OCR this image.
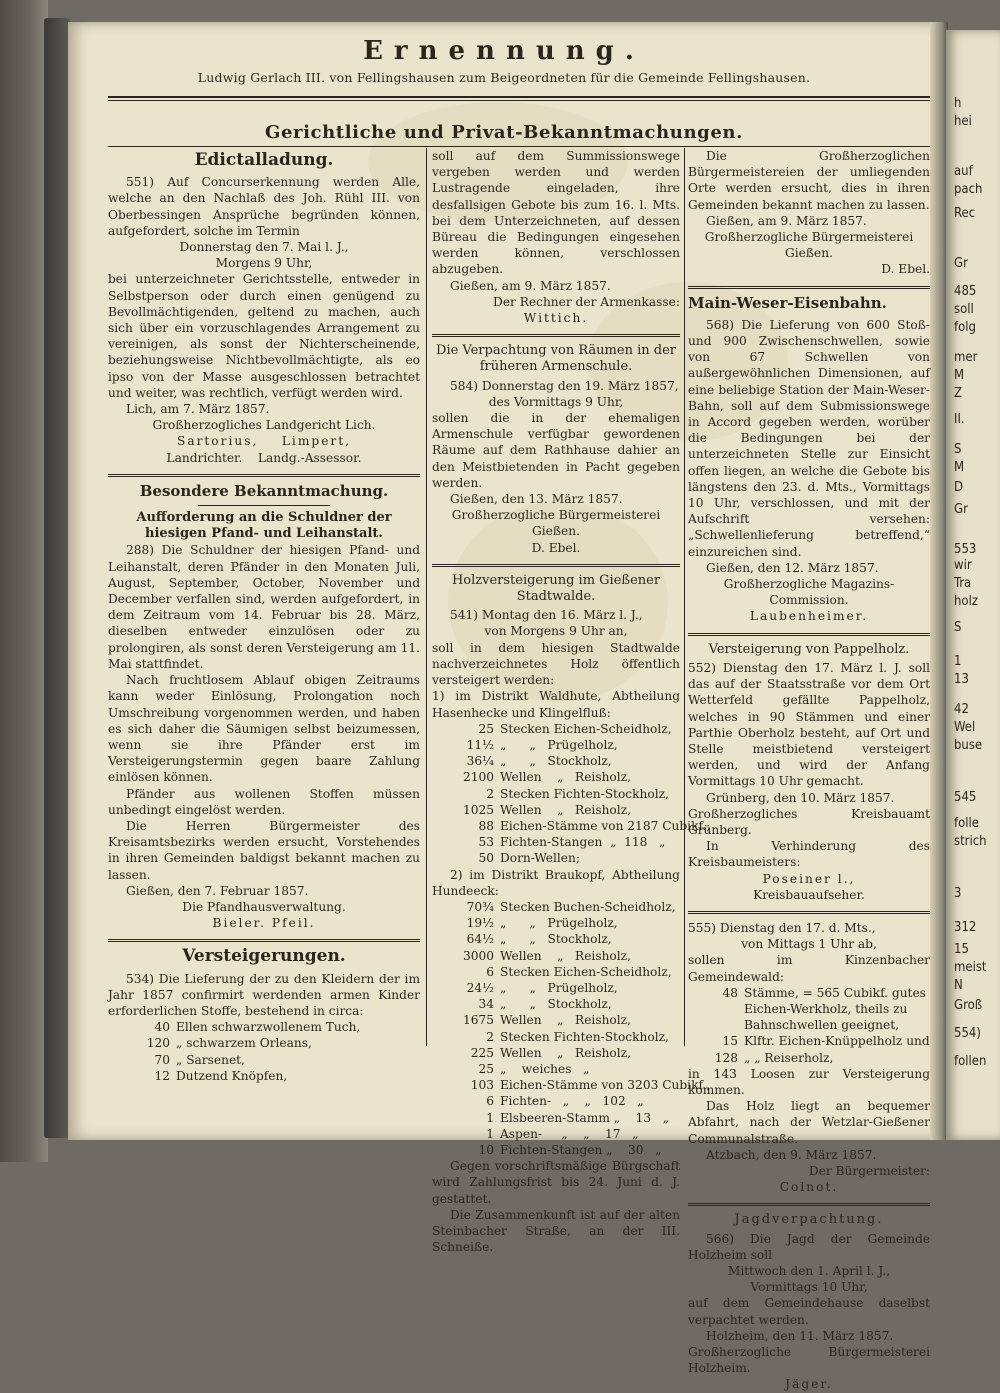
Ernennung.
Ludwig Gerlach III. von Fellingshausen zum Beigeordneten für die Gemeinde Fellingshausen.
Gerichtliche und Privat-Bekanntmachungen.
Edictalladung.

551) Auf Concurserkennung werden Alle, welche an den Nachlaß des Joh. Rühl III. von Oberbessingen Ansprüche begründen können, aufgefordert, solche im Termin

Donnerstag den 7. Mai l. J.,

Morgens 9 Uhr,

bei unterzeichneter Gerichtsstelle, entweder in Selbstperson oder durch einen genügend zu Bevollmächtigenden, geltend zu machen, auch sich über ein vorzuschlagendes Arrangement zu vereinigen, als sonst der Nichterscheinende, beziehungsweise Nichtbevollmächtigte, als eo ipso von der Masse ausgeschlossen betrachtet und weiter, was rechtlich, verfügt werden wird.

Lich, am 7. März 1857.

Großherzogliches Landgericht Lich.

Sartorius,    Limpert,

Landrichter.    Landg.-Assessor.

Besondere Bekanntmachung.

Aufforderung an die Schuldner der hiesigen Pfand- und Leihanstalt.

288) Die Schuldner der hiesigen Pfand- und Leihanstalt, deren Pfänder in den Monaten Juli, August, September, October, November und December verfallen sind, werden aufgefordert, in dem Zeitraum vom 14. Februar bis 28. März, dieselben entweder einzulösen oder zu prolongiren, als sonst deren Versteigerung am 11. Mai stattfindet.

Nach fruchtlosem Ablauf obigen Zeitraums kann weder Einlösung, Prolongation noch Umschreibung vorgenommen werden, und haben es sich daher die Säumigen selbst beizumessen, wenn sie ihre Pfänder erst im Versteigerungstermin gegen baare Zahlung einlösen können.

Pfänder aus wollenen Stoffen müssen unbedingt eingelöst werden.

Die Herren Bürgermeister des Kreisamtsbezirks werden ersucht, Vorstehendes in ihren Gemeinden baldigst bekannt machen zu lassen.

Gießen, den 7. Februar 1857.

Die Pfandhausverwaltung.

Bieler. Pfeil.

Versteigerungen.

534) Die Lieferung der zu den Kleidern der im Jahr 1857 confirmirt werdenden armen Kinder erforderlichen Stoffe, bestehend in circa:

40 Ellen schwarzwollenem Tuch,
120 „ schwarzem Orleans,
70 „ Sarsenet,
12 Dutzend Knöpfen,

soll auf dem Summissionswege vergeben werden und werden Lustragende eingeladen, ihre desfallsigen Gebote bis zum 16. l. Mts. bei dem Unterzeichneten, auf dessen Büreau die Bedingungen eingesehen werden können, verschlossen abzugeben.

Gießen, am 9. März 1857.

Der Rechner der Armenkasse:

Wittich.

Die Verpachtung von Räumen in der früheren Armenschule.

584) Donnerstag den 19. März 1857,

des Vormittags 9 Uhr,

sollen die in der ehemaligen Armenschule verfügbar gewordenen Räume auf dem Rathhause dahier an den Meistbietenden in Pacht gegeben werden.

Gießen, den 13. März 1857.

Großherzogliche Bürgermeisterei Gießen.

D. Ebel.

Holzversteigerung im Gießener Stadtwalde.

541) Montag den 16. März l. J.,

von Morgens 9 Uhr an,

soll in dem hiesigen Stadtwalde nachverzeichnetes Holz öffentlich versteigert werden:

1) im Distrikt Waldhute, Abtheilung Hasenhecke und Klingelfluß:

25 Stecken Eichen-Scheidholz,
11½ „      „   Prügelholz,
36¼ „      „   Stockholz,
2100 Wellen    „   Reisholz,
2 Stecken Fichten-Stockholz,
1025 Wellen    „   Reisholz,
88 Eichen-Stämme von 2187 Cubikf.,
53 Fichten-Stangen  „  118   „
50 Dorn-Wellen;

2) im Distrikt Braukopf, Abtheilung Hundeeck:

70¾ Stecken Buchen-Scheidholz,
19½ „      „   Prügelholz,
64½ „      „   Stockholz,
3000 Wellen    „   Reisholz,
6 Stecken Eichen-Scheidholz,
24½ „      „   Prügelholz,
34 „      „   Stockholz,
1675 Wellen    „   Reisholz,
2 Stecken Fichten-Stockholz,
225 Wellen    „   Reisholz,
25 „    weiches   „
103 Eichen-Stämme von 3203 Cubikf.,
6 Fichten-   „    „   102   „
1 Elsbeeren-Stamm „    13   „
1 Aspen-     „    „    17   „
10 Fichten-Stangen „    30   „

Gegen vorschriftsmäßige Bürgschaft wird Zahlungsfrist bis 24. Juni d. J. gestattet.

Die Zusammenkunft ist auf der alten Steinbacher Straße, an der III. Schneiße.

Die Großherzoglichen Bürgermeistereien der umliegenden Orte werden ersucht, dies in ihren Gemeinden bekannt machen zu lassen.

Gießen, am 9. März 1857.

Großherzogliche Bürgermeisterei Gießen.

D. Ebel.

Main-Weser-Eisenbahn.

568) Die Lieferung von 600 Stoß- und 900 Zwischenschwellen, sowie von 67 Schwellen von außergewöhnlichen Dimensionen, auf eine beliebige Station der Main-Weser-Bahn, soll auf dem Submissionswege in Accord gegeben werden, worüber die Bedingungen bei der unterzeichneten Stelle zur Einsicht offen liegen, an welche die Gebote bis längstens den 23. d. Mts., Vormittags 10 Uhr, verschlossen, und mit der Aufschrift versehen: „Schwellenlieferung betreffend,“ einzureichen sind.

Gießen, den 12. März 1857.

Großherzogliche Magazins-Commission.

Laubenheimer.

Versteigerung von Pappelholz.

552) Dienstag den 17. März l. J. soll das auf der Staatsstraße vor dem Ort Wetterfeld gefällte Pappelholz, welches in 90 Stämmen und einer Parthie Oberholz besteht, auf Ort und Stelle meistbietend versteigert werden, und wird der Anfang Vormittags 10 Uhr gemacht.

Grünberg, den 10. März 1857.

Großherzogliches Kreisbauamt Grünberg.

In Verhinderung des Kreisbaumeisters:

Poseiner l.,

Kreisbauaufseher.

555) Dienstag den 17. d. Mts.,

von Mittags 1 Uhr ab,

sollen im Kinzenbacher Gemeindewald:

48 Stämme, = 565 Cubikf. gutes Eichen-Werkholz, theils zu Bahnschwellen geeignet,
15 Klftr. Eichen-Knüppelholz und
128 „ „ Reiserholz,

in 143 Loosen zur Versteigerung kommen.

Das Holz liegt an bequemer Abfahrt, nach der Wetzlar-Gießener Communalstraße.

Atzbach, den 9. März 1857.

Der Bürgermeister:

Colnot.

Jagdverpachtung.

566) Die Jagd der Gemeinde Holzheim soll

Mittwoch den 1. April l. J.,

Vormittags 10 Uhr,

auf dem Gemeindehause daselbst verpachtet werden.

Holzheim, den 11. März 1857.

Großherzogliche Bürgermeisterei Holzheim.

Jäger.

h
hei
auf
pach
Rec
Gr
485
soll
folg
mer
M
Z
II.
S
M
D
Gr
553
wir
Tra
holz
S
1
13
42
Wel
buse
545
folle
strich
3
312
15
meist
N
Groß
554)
follen
